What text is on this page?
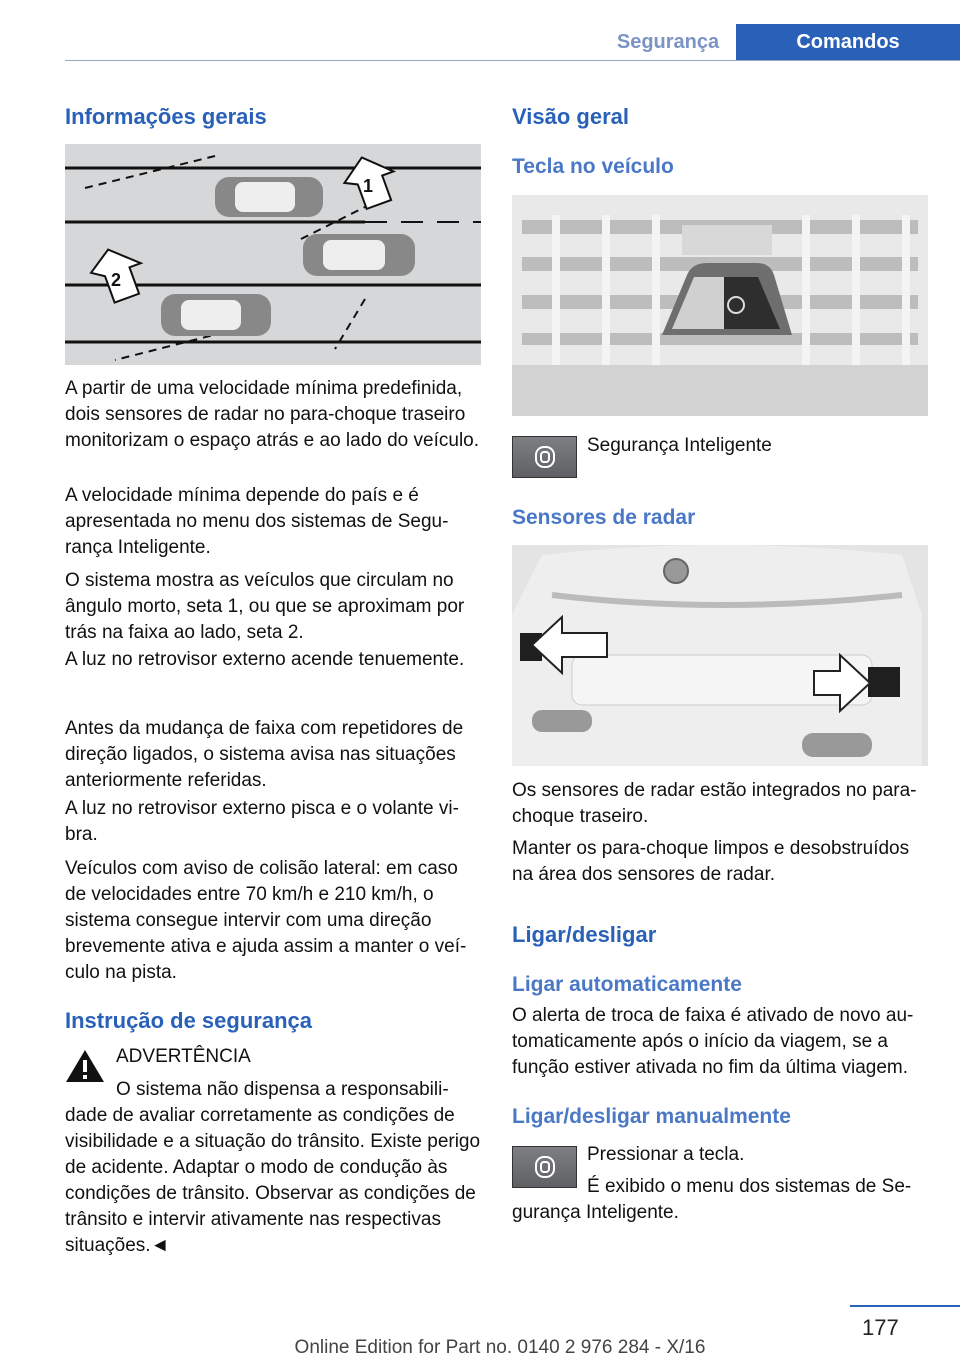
Segurança	Comandos
Informações gerais
1
2
A partir de uma velocidade mínima predefinida, dois sensores de radar no para-choque traseiro monitorizam o espaço atrás e ao lado do veículo.
A velocidade mínima depende do país e é apresentada no menu dos sistemas de Segurança Inteligente.
O sistema mostra as veículos que circulam no ângulo morto, seta 1, ou que se aproximam por trás na faixa ao lado, seta 2.
A luz no retrovisor externo acende tenuemente.
Antes da mudança de faixa com repetidores de direção ligados, o sistema avisa nas situações anteriormente referidas.
A luz no retrovisor externo pisca e o volante vibra.
Veículos com aviso de colisão lateral: em caso de velocidades entre 70 km/h e 210 km/h, o sistema consegue intervir com uma direção brevemente ativa e ajuda assim a manter o veículo na pista.
Instrução de segurança
ADVERTÊNCIA
O sistema não dispensa a responsabili-
dade de avaliar corretamente as condições de visibilidade e a situação do trânsito. Existe perigo de acidente. Adaptar o modo de condução às condições de trânsito. Observar as condições de trânsito e intervir ativamente nas respectivas situações.◄
Visão geral
Tecla no veículo
Segurança Inteligente
Sensores de radar
Os sensores de radar estão integrados no para-choque traseiro.
Manter os para-choque limpos e desobstruídos na área dos sensores de radar.
Ligar/desligar
Ligar automaticamente
O alerta de troca de faixa é ativado de novo automaticamente após o início da viagem, se a função estiver ativada no fim da última viagem.
Ligar/desligar manualmente
Pressionar a tecla.
É exibido o menu dos sistemas de Se-
gurança Inteligente.
177
Online Edition for Part no. 0140 2 976 284 - X/16
